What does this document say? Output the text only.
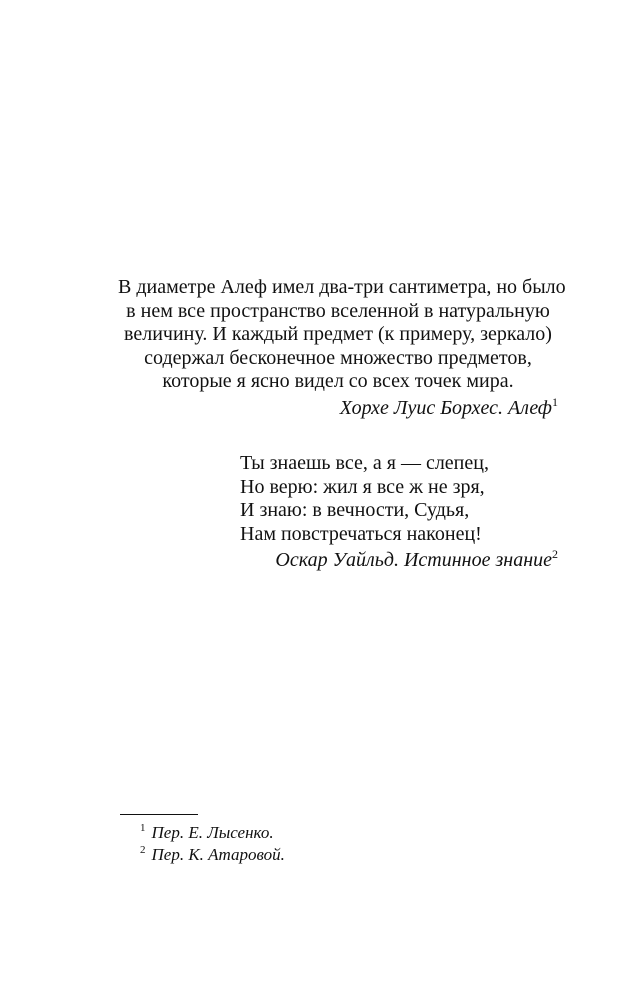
В диаметре Алеф имел два-три сантиметра, но было
в нем все пространство вселенной в натуральную
величину. И каждый предмет (к примеру, зеркало)
содержал бесконечное множество предметов,
которые я ясно видел со всех точек мира.
Хорхе Луис Борхес. Алеф$^1$
Ты знаешь все, а я — слепец,
Но верю: жил я все ж не зря,
И знаю: в вечности, Судья,
Нам повстречаться наконец!
Оскар Уайльд. Истинное знание$^2$
$^1$ Пер. Е. Лысенко.
$^2$ Пер. К. Атаровой.
